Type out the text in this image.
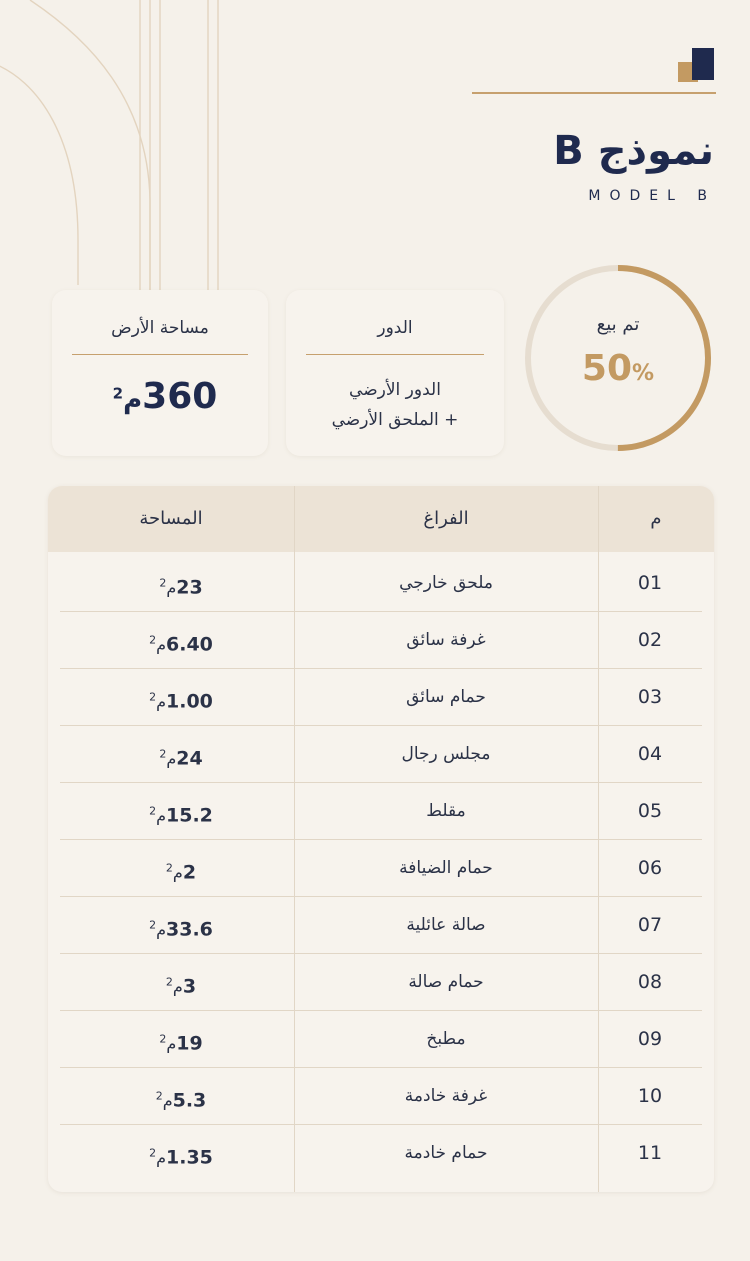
نموذج B
MODEL B
تم بيع
50%
الدور
الدور الأرضي
+ الملحق الأرضي
مساحة الأرض
360م$^2$
م
الفراغ
المساحة
01
ملحق خارجي
23م$^2$
02
غرفة سائق
6.40م$^2$
03
حمام سائق
1.00م$^2$
04
مجلس رجال
24م$^2$
05
مقلط
15.2م$^2$
06
حمام الضيافة
2م$^2$
07
صالة عائلية
33.6م$^2$
08
حمام صالة
3م$^2$
09
مطبخ
19م$^2$
10
غرفة خادمة
5.3م$^2$
11
حمام خادمة
1.35م$^2$
